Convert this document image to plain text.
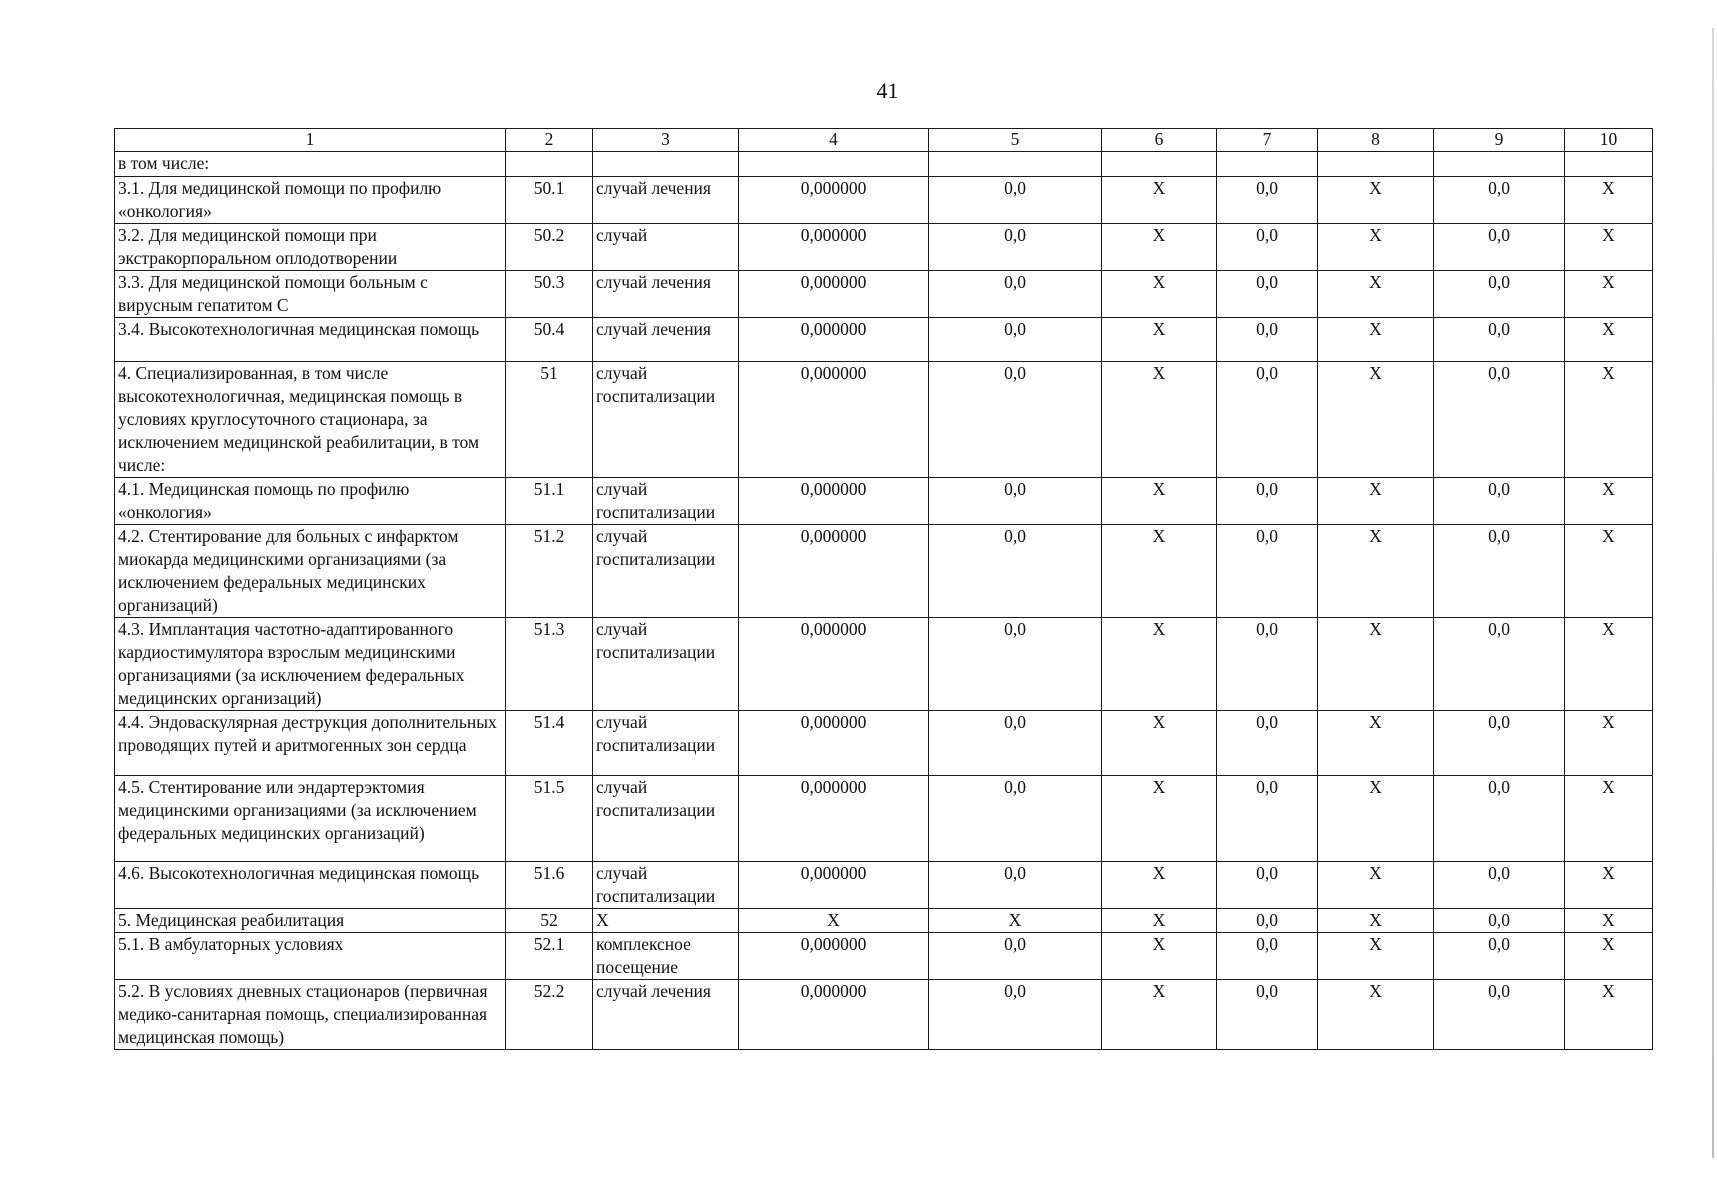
41
1	2	3	4	5	6	7	8	9	10
в том числе:									
3.1. Для медицинской помощи по профилю «онкология»	50.1	случай лечения	0,000000	0,0	X	0,0	X	0,0	X
3.2. Для медицинской помощи при экстракорпоральном оплодотворении	50.2	случай	0,000000	0,0	X	0,0	X	0,0	X
3.3. Для медицинской помощи больным с вирусным гепатитом С	50.3	случай лечения	0,000000	0,0	X	0,0	X	0,0	X
3.4. Высокотехнологичная медицинская помощь	50.4	случай лечения	0,000000	0,0	X	0,0	X	0,0	X
4. Специализированная, в том числе высокотехнологичная, медицинская помощь в условиях круглосуточного стационара, за исключением медицинской реабилитации, в том числе:	51	случай госпитализации	0,000000	0,0	X	0,0	X	0,0	X
4.1. Медицинская помощь по профилю «онкология»	51.1	случай госпитализации	0,000000	0,0	X	0,0	X	0,0	X
4.2. Стентирование для больных с инфарктом миокарда медицинскими организациями (за исключением федеральных медицинских организаций)	51.2	случай госпитализации	0,000000	0,0	X	0,0	X	0,0	X
4.3. Имплантация частотно-адаптированного кардиостимулятора взрослым медицинскими организациями (за исключением федеральных медицинских организаций)	51.3	случай госпитализации	0,000000	0,0	X	0,0	X	0,0	X
4.4. Эндоваскулярная деструкция дополнительных проводящих путей и аритмогенных зон сердца	51.4	случай госпитализации	0,000000	0,0	X	0,0	X	0,0	X
4.5. Стентирование или эндартерэктомия медицинскими организациями (за исключением федеральных медицинских организаций)	51.5	случай госпитализации	0,000000	0,0	X	0,0	X	0,0	X
4.6. Высокотехнологичная медицинская помощь	51.6	случай госпитализации	0,000000	0,0	X	0,0	X	0,0	X
5. Медицинская реабилитация	52	X	X	X	X	0,0	X	0,0	X
5.1. В амбулаторных условиях	52.1	комплексное посещение	0,000000	0,0	X	0,0	X	0,0	X
5.2. В условиях дневных стационаров (первичная медико-санитарная помощь, специализированная медицинская помощь)	52.2	случай лечения	0,000000	0,0	X	0,0	X	0,0	X
